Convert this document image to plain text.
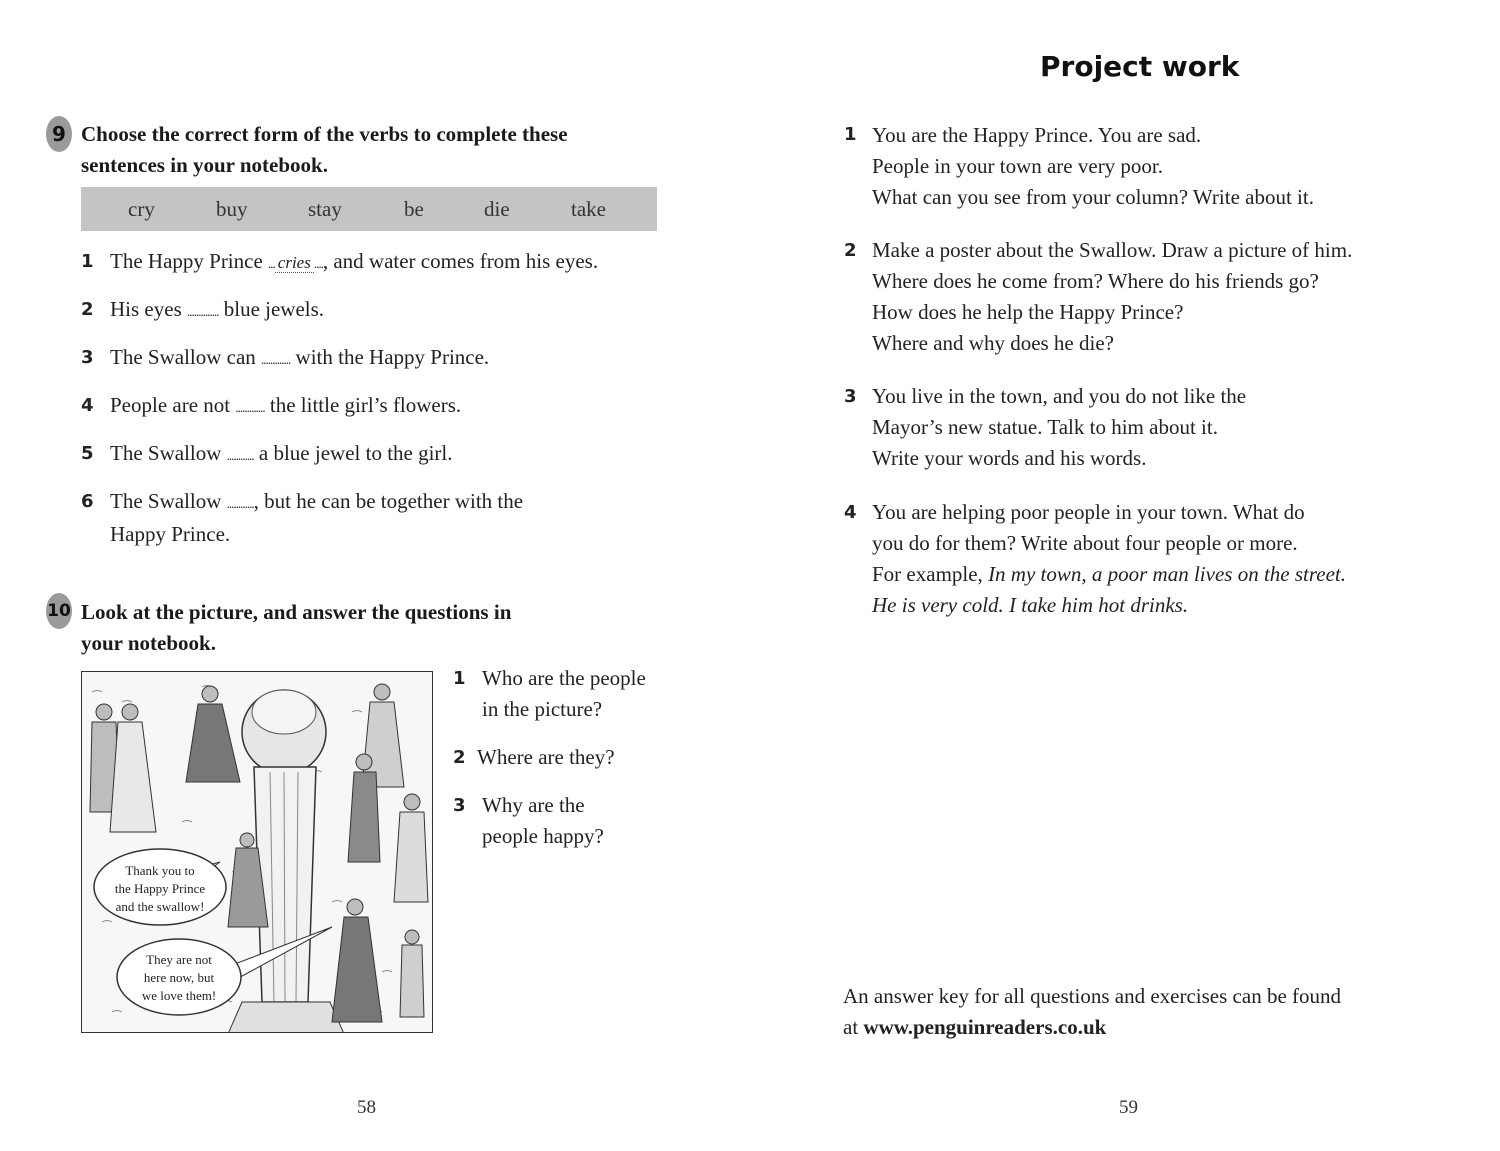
9 Choose the correct form of the verbs to complete these
sentences in your notebook.
cry	buy	stay	be	die	take
1 The Happy Prince ... cries ...., and water comes from his eyes.
2 His eyes .............. blue jewels.
3 The Swallow can ............. with the Happy Prince.
4 People are not ............. the little girl’s flowers.
5 The Swallow ............ a blue jewel to the girl.
6 The Swallow ............, but he can be together with the
Happy Prince.
10 Look at the picture, and answer the questions in
your notebook.
Thank you to
the Happy Prince
and the swallow!
They are not
here now, but
we love them!
1 Who are the people
in the picture?
2 Where are they?
3 Why are the
people happy?
58
Project work
1 You are the Happy Prince. You are sad.
People in your town are very poor.
What can you see from your column? Write about it.
2 Make a poster about the Swallow. Draw a picture of him.
Where does he come from? Where do his friends go?
How does he help the Happy Prince?
Where and why does he die?
3 You live in the town, and you do not like the
Mayor’s new statue. Talk to him about it.
Write your words and his words.
4 You are helping poor people in your town. What do
you do for them? Write about four people or more.
For example, In my town, a poor man lives on the street.
He is very cold. I take him hot drinks.
An answer key for all questions and exercises can be found
at www.penguinreaders.co.uk
59
